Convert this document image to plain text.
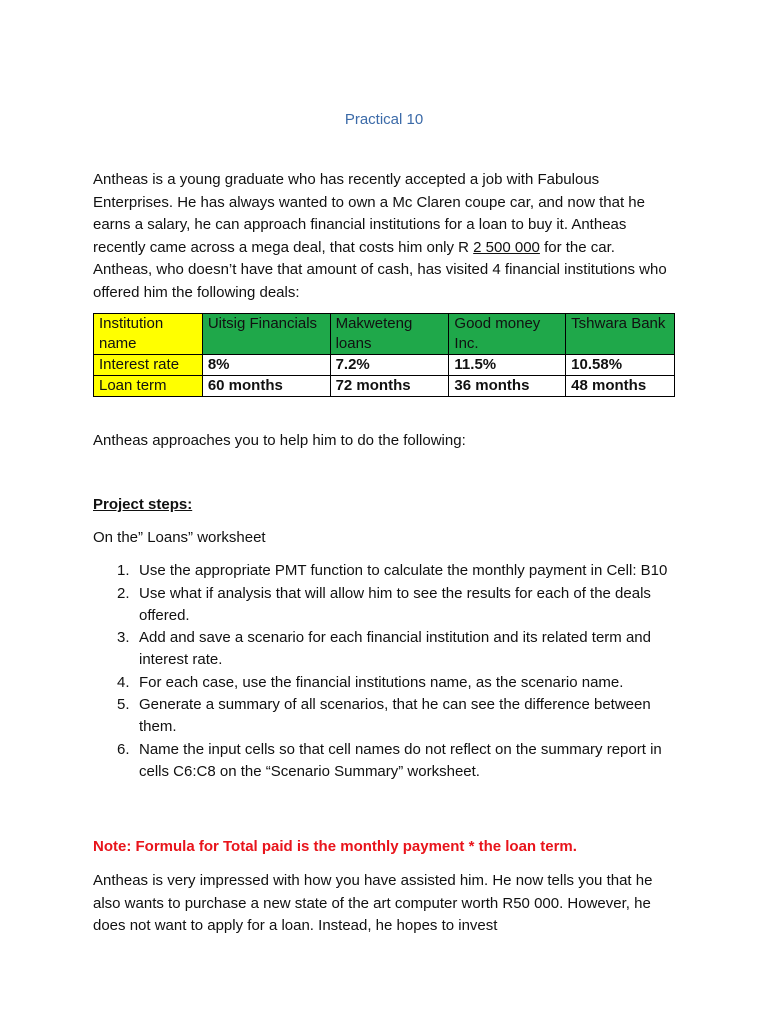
Practical 10

Antheas is a young graduate who has recently accepted a job with Fabulous Enterprises. He has always wanted to own a Mc Claren coupe car, and now that he earns a salary, he can approach financial institutions for a loan to buy it. Antheas recently came across a mega deal, that costs him only R 2 500 000 for the car. Antheas, who doesn’t have that amount of cash, has visited 4 financial institutions who offered him the following deals:

Institution name	Uitsig Financials	Makweteng loans	Good money Inc.	Tshwara Bank
Interest rate	8%	7.2%	11.5%	10.58%
Loan term	60 months	72 months	36 months	48 months

Antheas approaches you to help him to do the following:

Project steps:

On the” Loans” worksheet

1. Use the appropriate PMT function to calculate the monthly payment in Cell: B10
2. Use what if analysis that will allow him to see the results for each of the deals offered.
3. Add and save a scenario for each financial institution and its related term and interest rate.
4. For each case, use the financial institutions name, as the scenario name.
5. Generate a summary of all scenarios, that he can see the difference between them.
6. Name the input cells so that cell names do not reflect on the summary report in cells C6:C8 on the “Scenario Summary” worksheet.
Note: Formula for Total paid is the monthly payment * the loan term.

Antheas is very impressed with how you have assisted him. He now tells you that he also wants to purchase a new state of the art computer worth R50 000. However, he does not want to apply for a loan. Instead, he hopes to invest
